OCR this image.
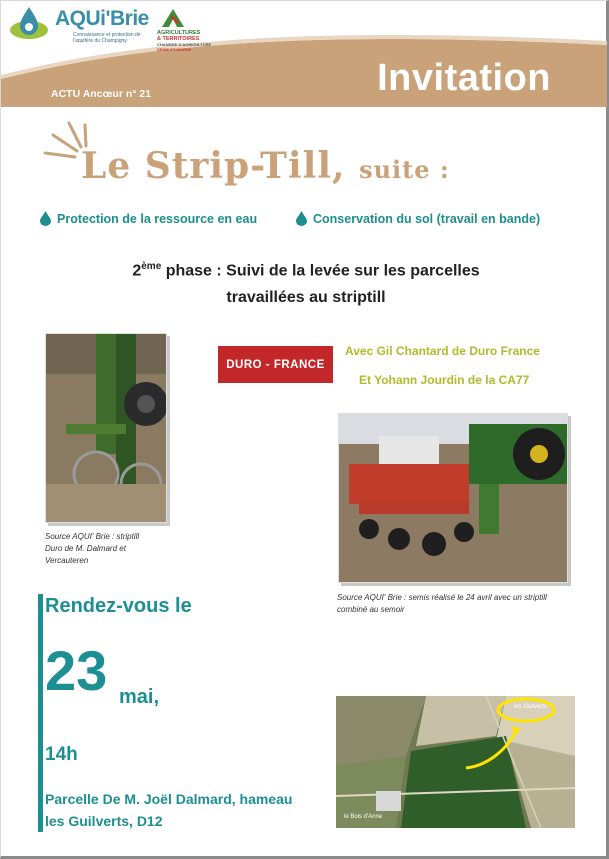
AQUi'Brie
Connaissance et protection de l'aquifère du Champigny
AGRICULTURES
& TERRITOIRES
CHAMBRE D'AGRICULTURE
SEINE-ET-MARNE
Invitation
ACTU Ancœur n° 21
Le Strip-Till, suite :
Protection de la ressource en eau	Conservation du sol (travail en bande)
2ème phase : Suivi de la levée sur les parcelles
travaillées au striptill
Source AQUI' Brie : striptill
Duro de M. Dalmard et
Vercauteren
DURO - FRANCE
Avec Gil Chantard de Duro France
Et Yohann Jourdin de la CA77
Source AQUI' Brie : semis réalisé le 24 avril avec un striptill
combiné au semoir
Rendez-vous le
23 mai,
14h
Parcelle De M. Joël Dalmard, hameau
les Guilverts, D12
les Guilverts
le Bois d'Anne
